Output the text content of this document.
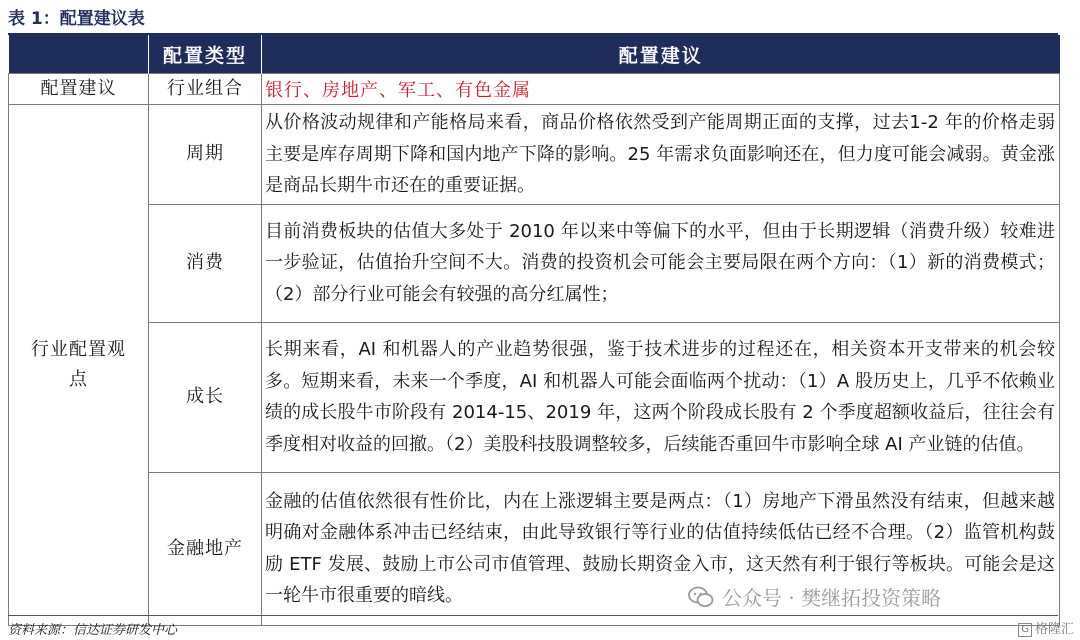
表 1：配置建议表
	配置类型	配置建议
配置建议	行业组合	银行、房地产、军工、有色金属

行业配置观点	周期	从价格波动规律和产能格局来看，商品价格依然受到产能周期正面的支撑，过去1-2 年的价格走弱主要是库存周期下降和国内地产下降的影响。25 年需求负面影响还在，但力度可能会减弱。黄金涨是商品长期牛市还在的重要证据。
	消费	目前消费板块的估值大多处于 2010 年以来中等偏下的水平，但由于长期逻辑（消费升级）较难进一步验证，估值抬升空间不大。消费的投资机会可能会主要局限在两个方向：（1）新的消费模式；（2）部分行业可能会有较强的高分红属性；
	成长	长期来看，AI 和机器人的产业趋势很强，鉴于技术进步的过程还在，相关资本开支带来的机会较多。短期来看，未来一个季度，AI 和机器人可能会面临两个扰动：（1）A 股历史上，几乎不依赖业绩的成长股牛市阶段有 2014-15、2019 年，这两个阶段成长股有 2 个季度超额收益后，往往会有季度相对收益的回撤。（2）美股科技股调整较多，后续能否重回牛市影响全球 AI 产业链的估值。
	金融地产	金融的估值依然很有性价比，内在上涨逻辑主要是两点：（1）房地产下滑虽然没有结束，但越来越明确对金融体系冲击已经结束，由此导致银行等行业的估值持续低估已经不合理。（2）监管机构鼓励 ETF 发展、鼓励上市公司市值管理、鼓励长期资金入市，这天然有利于银行等板块。可能会是这一轮牛市很重要的暗线。	公众号 · 樊继拓投资策略
资料来源：信达证券研发中心	G 格隆汇
